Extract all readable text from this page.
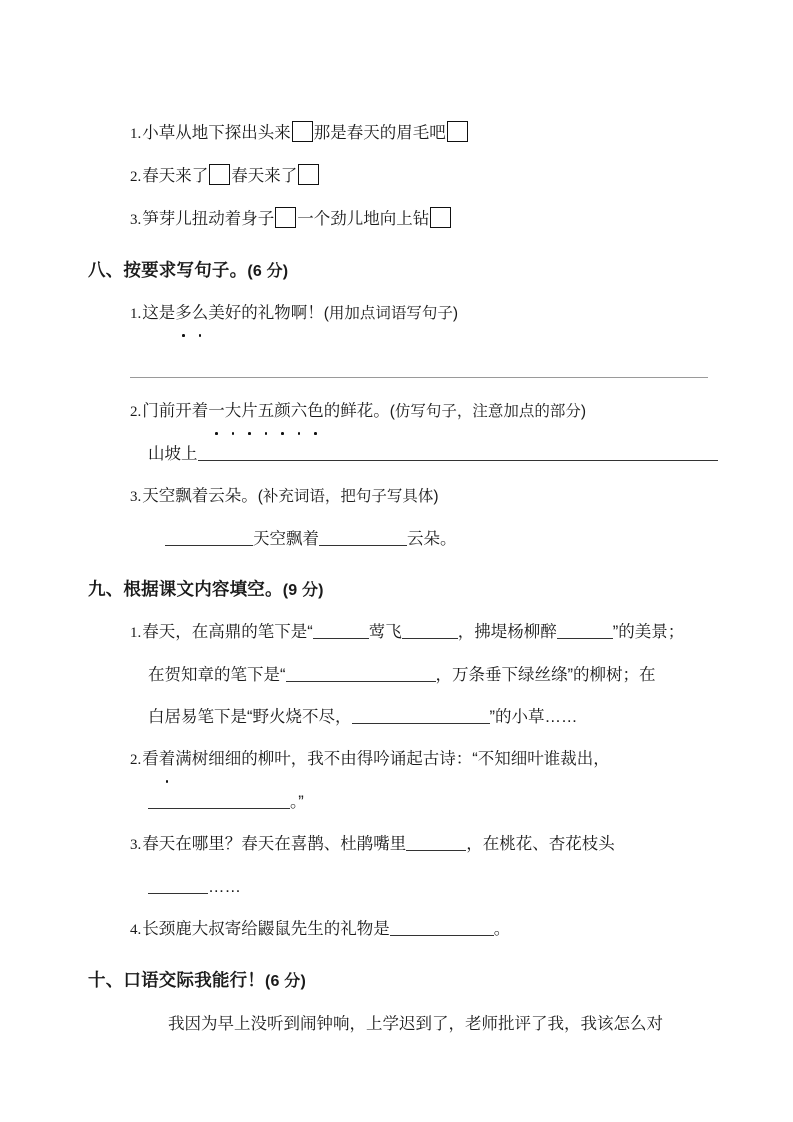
1.小草从地下探出头来 那是春天的眉毛吧
2.春天来了 春天来了
3.笋芽儿扭动着身子 一个劲儿地向上钻
八、按要求写句子。(6 分)
1.这是多么美好的礼物啊！(用加点词语写句子)
2.门前开着一大片五颜六色的鲜花。(仿写句子，注意加点的部分)
山坡上
3.天空飘着云朵。(补充词语，把句子写具体)
天空飘着	云朵。
九、根据课文内容填空。(9 分)
1.春天，在高鼎的笔下是“	莺飞	，拂堤杨柳醉	”的美景；
在贺知章的笔下是“	，万条垂下绿丝绦”的柳树；在
白居易笔下是“野火烧不尽，	”的小草……
2.看着满树细细的柳叶，我不由得吟诵起古诗：“不知细叶谁裁出，
。”
3.春天在哪里？春天在喜鹊、杜鹃嘴里	，在桃花、杏花枝头
……
4.长颈鹿大叔寄给鼹鼠先生的礼物是	。
十、口语交际我能行！(6 分)
我因为早上没听到闹钟响，上学迟到了，老师批评了我，我该怎么对
